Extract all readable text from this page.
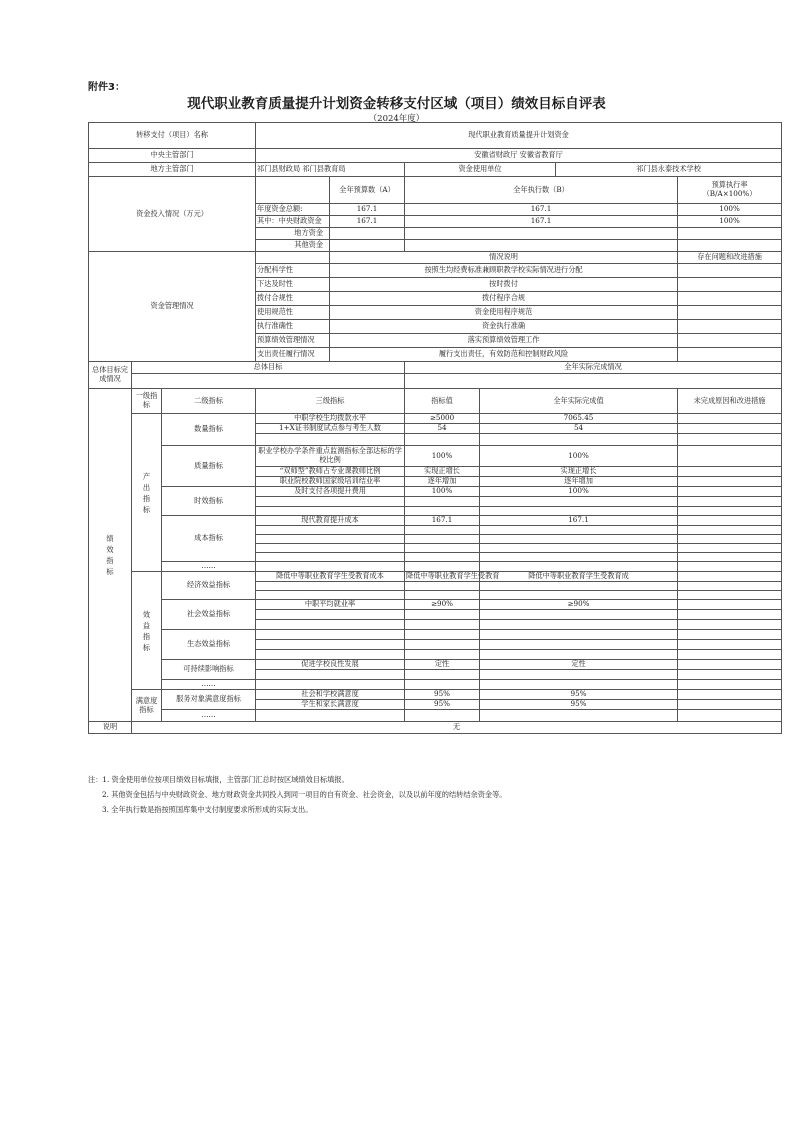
附件3：
现代职业教育质量提升计划资金转移支付区域（项目）绩效目标自评表
（2024年度）
转移支付（项目）名称			现代职业教育质量提升计划资金					
中央主管部门			安徽省财政厅 安徽省教育厅					
地方主管部门			祁门县财政局 祁门县教育局		资金使用单位		祁门县永泰技术学校	
资金投入情况（万元）				全年预算数（A）	全年执行数（B）			预算执行率
（B/A×100%）
			年度资金总额:	167.1	167.1			100%
			其中：中央财政资金	167.1	167.1			100%
			地方资金					
			其他资金					
资金管理情况				情况说明				存在问题和改进措施
			分配科学性	按照生均经费标准兼顾职教学校实际情况进行分配				
			下达及时性	按时拨付				
			拨付合规性	拨付程序合规				
			使用规范性	资金使用程序规范				
			执行准确性	资金执行准确				
			预算绩效管理情况	落实预算绩效管理工作				
			支出责任履行情况	履行支出责任，有效防范和控制财政风险				
总体目标完成情况	总体目标				全年实际完成情况			

绩效指标	一级指标	二级指标	三级指标		指标值	全年实际完成值		未完成原因和改进措施
	产出指标	数量指标	中职学校生均拨款水平		≥5000	7065.45		
			1+X证书制度试点参与考生人数		54	54		

		质量指标	职业学校办学条件重点监测指标全部达标的学校比例		100%	100%		
			“双师型”教师占专业课教师比例		实现正增长	实现正增长		
			职业院校教师国家级培训结业率		逐年增加	逐年增加		
		时效指标	及时支付各项提升费用		100%	100%		

		成本指标	现代教育提升成本		167.1	167.1		

		……						
	效益指标	经济效益指标	降低中等职业教育学生受教育成本		降低中等职业教育学生受教育	降低中等职业教育学生受教育成		

		社会效益指标	中职平均就业率		≥90%	≥90%		

		生态效益指标						

		可持续影响指标	促进学校良性发展		定性	定性		

		……						
	满意度指标	服务对象满意度指标	社会和学校满意度		95%	95%		
			学生和家长满意度		95%	95%		
		……						
说明	无							
注：1. 资金使用单位按项目绩效目标填报，主管部门汇总时按区域绩效目标填报。
2. 其他资金包括与中央财政资金、地方财政资金共同投入到同一项目的自有资金、社会资金，以及以前年度的结转结余资金等。
3. 全年执行数是指按照国库集中支付制度要求所形成的实际支出。
